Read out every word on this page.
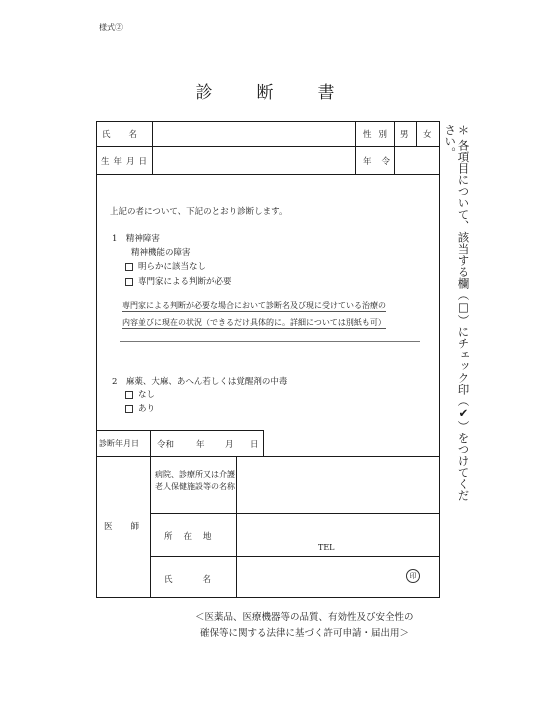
様式②
診断書
氏名	性別 男 女
生年月日	年令
上記の者について、下記のとおり診断します。
1　精神障害
精神機能の障害
明らかに該当なし
専門家による判断が必要
専門家による判断が必要な場合において診断名及び現に受けている治療の
内容並びに現在の状況（できるだけ具体的に。詳細については別紙も可）
2　麻薬、大麻、あへん若しくは覚醒剤の中毒
なし
あり
診断年月日 令和	年 月 日
医師
病院、診療所又は介護老人保健施設等の名称
所在地
TEL
氏名	印
＊ 各項目について、該当する欄（□）にチェック印（✔）をつけてください。
＜医薬品、医療機器等の品質、有効性及び安全性の
確保等に関する法律に基づく許可申請・届出用＞
